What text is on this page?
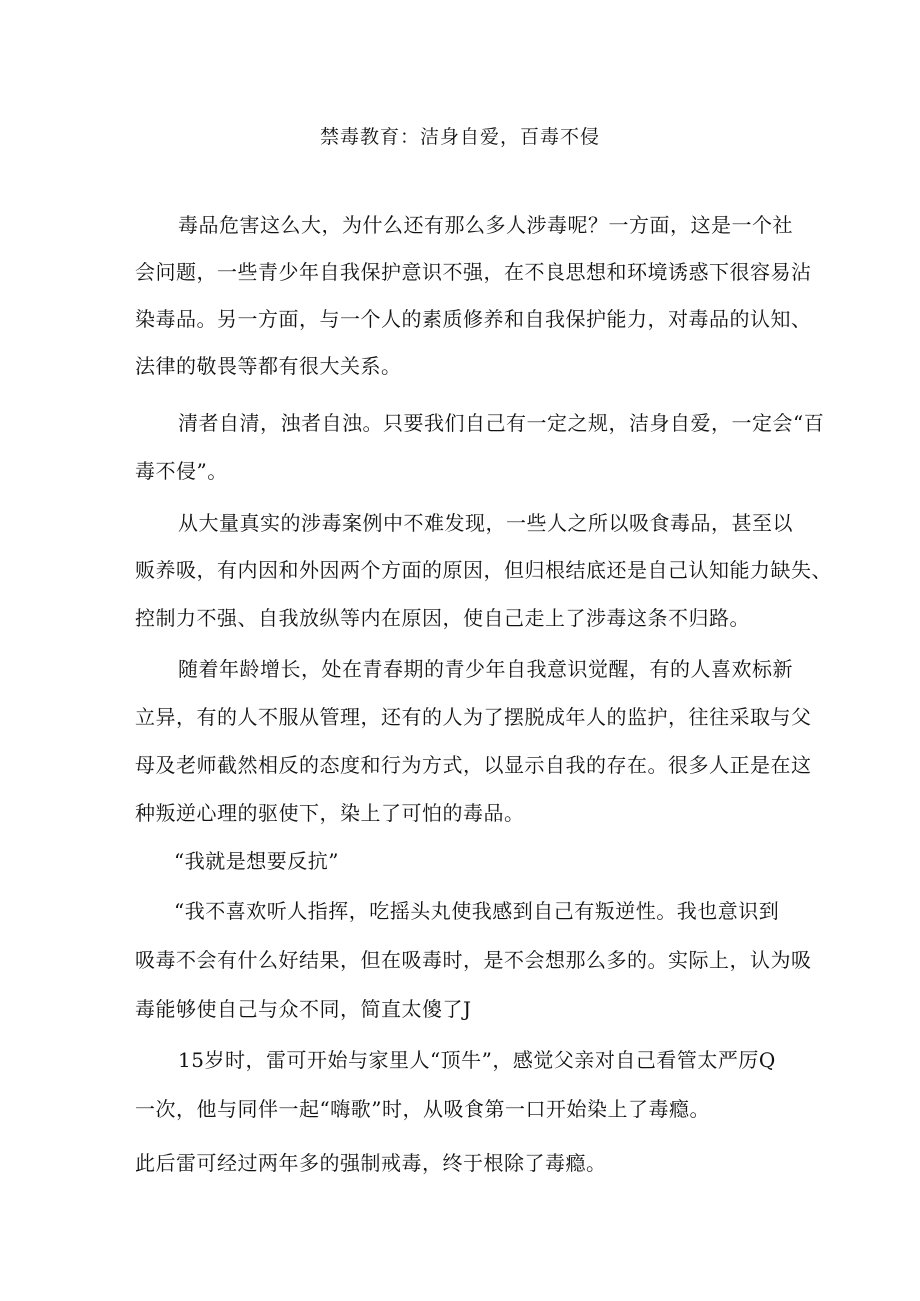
禁毒教育：洁身自爱，百毒不侵
毒品危害这么大，为什么还有那么多人涉毒呢？一方面，这是一个社
会问题，一些青少年自我保护意识不强，在不良思想和环境诱惑下很容易沾
染毒品。另一方面，与一个人的素质修养和自我保护能力，对毒品的认知、
法律的敬畏等都有很大关系。
清者自清，浊者自浊。只要我们自己有一定之规，洁身自爱，一定会“百
毒不侵”。
从大量真实的涉毒案例中不难发现，一些人之所以吸食毒品，甚至以
贩养吸，有内因和外因两个方面的原因，但归根结底还是自己认知能力缺失、
控制力不强、自我放纵等内在原因，使自己走上了涉毒这条不归路。
随着年龄增长，处在青春期的青少年自我意识觉醒，有的人喜欢标新
立异，有的人不服从管理，还有的人为了摆脱成年人的监护，往往采取与父
母及老师截然相反的态度和行为方式，以显示自我的存在。很多人正是在这
种叛逆心理的驱使下，染上了可怕的毒品。
“我就是想要反抗”
“我不喜欢听人指挥，吃摇头丸使我感到自己有叛逆性。我也意识到
吸毒不会有什么好结果，但在吸毒时，是不会想那么多的。实际上，认为吸
毒能够使自己与众不同，简直太傻了J
15岁时，雷可开始与家里人“顶牛”，感觉父亲对自己看管太严厉Q
一次，他与同伴一起“嗨歌”时，从吸食第一口开始染上了毒瘾。
此后雷可经过两年多的强制戒毒，终于根除了毒瘾。
